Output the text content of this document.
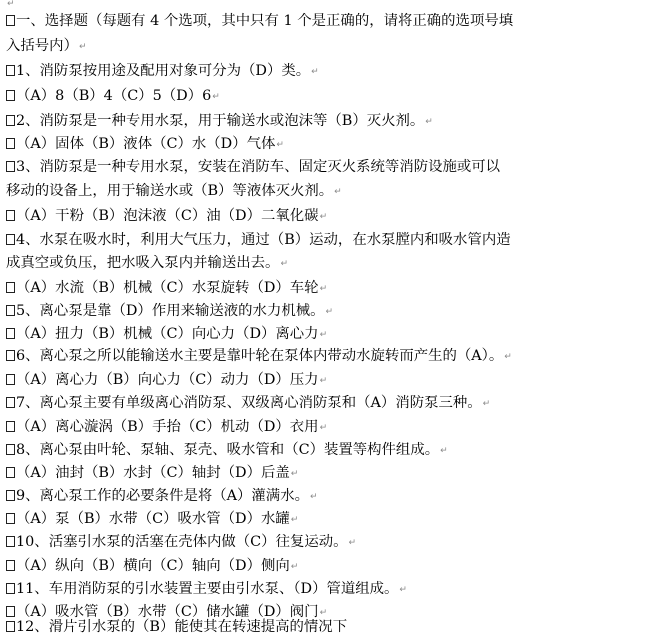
↵
一、选择题（每题有 4 个选项，其中只有 1 个是正确的，请将正确的选项号填
入括号内）↵
1、消防泵按用途及配用对象可分为（D）类。↵
（A）8（B）4（C）5（D）6↵
2、消防泵是一种专用水泵，用于输送水或泡沫等（B）灭火剂。↵
（A）固体（B）液体（C）水（D）气体↵
3、消防泵是一种专用水泵，安装在消防车、固定灭火系统等消防设施或可以
移动的设备上，用于输送水或（B）等液体灭火剂。↵
（A）干粉（B）泡沫液（C）油（D）二氧化碳↵
4、水泵在吸水时，利用大气压力，通过（B）运动，在水泵膛内和吸水管内造
成真空或负压，把水吸入泵内并输送出去。↵
（A）水流（B）机械（C）水泵旋转（D）车轮↵
5、离心泵是靠（D）作用来输送液的水力机械。↵
（A）扭力（B）机械（C）向心力（D）离心力↵
6、离心泵之所以能输送水主要是靠叶轮在泵体内带动水旋转而产生的（A）。↵
（A）离心力（B）向心力（C）动力（D）压力↵
7、离心泵主要有单级离心消防泵、双级离心消防泵和（A）消防泵三种。↵
（A）离心漩涡（B）手抬（C）机动（D）衣用↵
8、离心泵由叶轮、泵轴、泵壳、吸水管和（C）装置等构件组成。↵
（A）油封（B）水封（C）轴封（D）后盖↵
9、离心泵工作的必要条件是将（A）灌满水。↵
（A）泵（B）水带（C）吸水管（D）水罐↵
10、活塞引水泵的活塞在壳体内做（C）往复运动。↵
（A）纵向（B）横向（C）轴向（D）侧向↵
11、车用消防泵的引水装置主要由引水泵、（D）管道组成。↵
（A）吸水管（B）水带（C）储水罐（D）阀门↵
12、滑片引水泵的（B）能使其在转速提高的情况下
